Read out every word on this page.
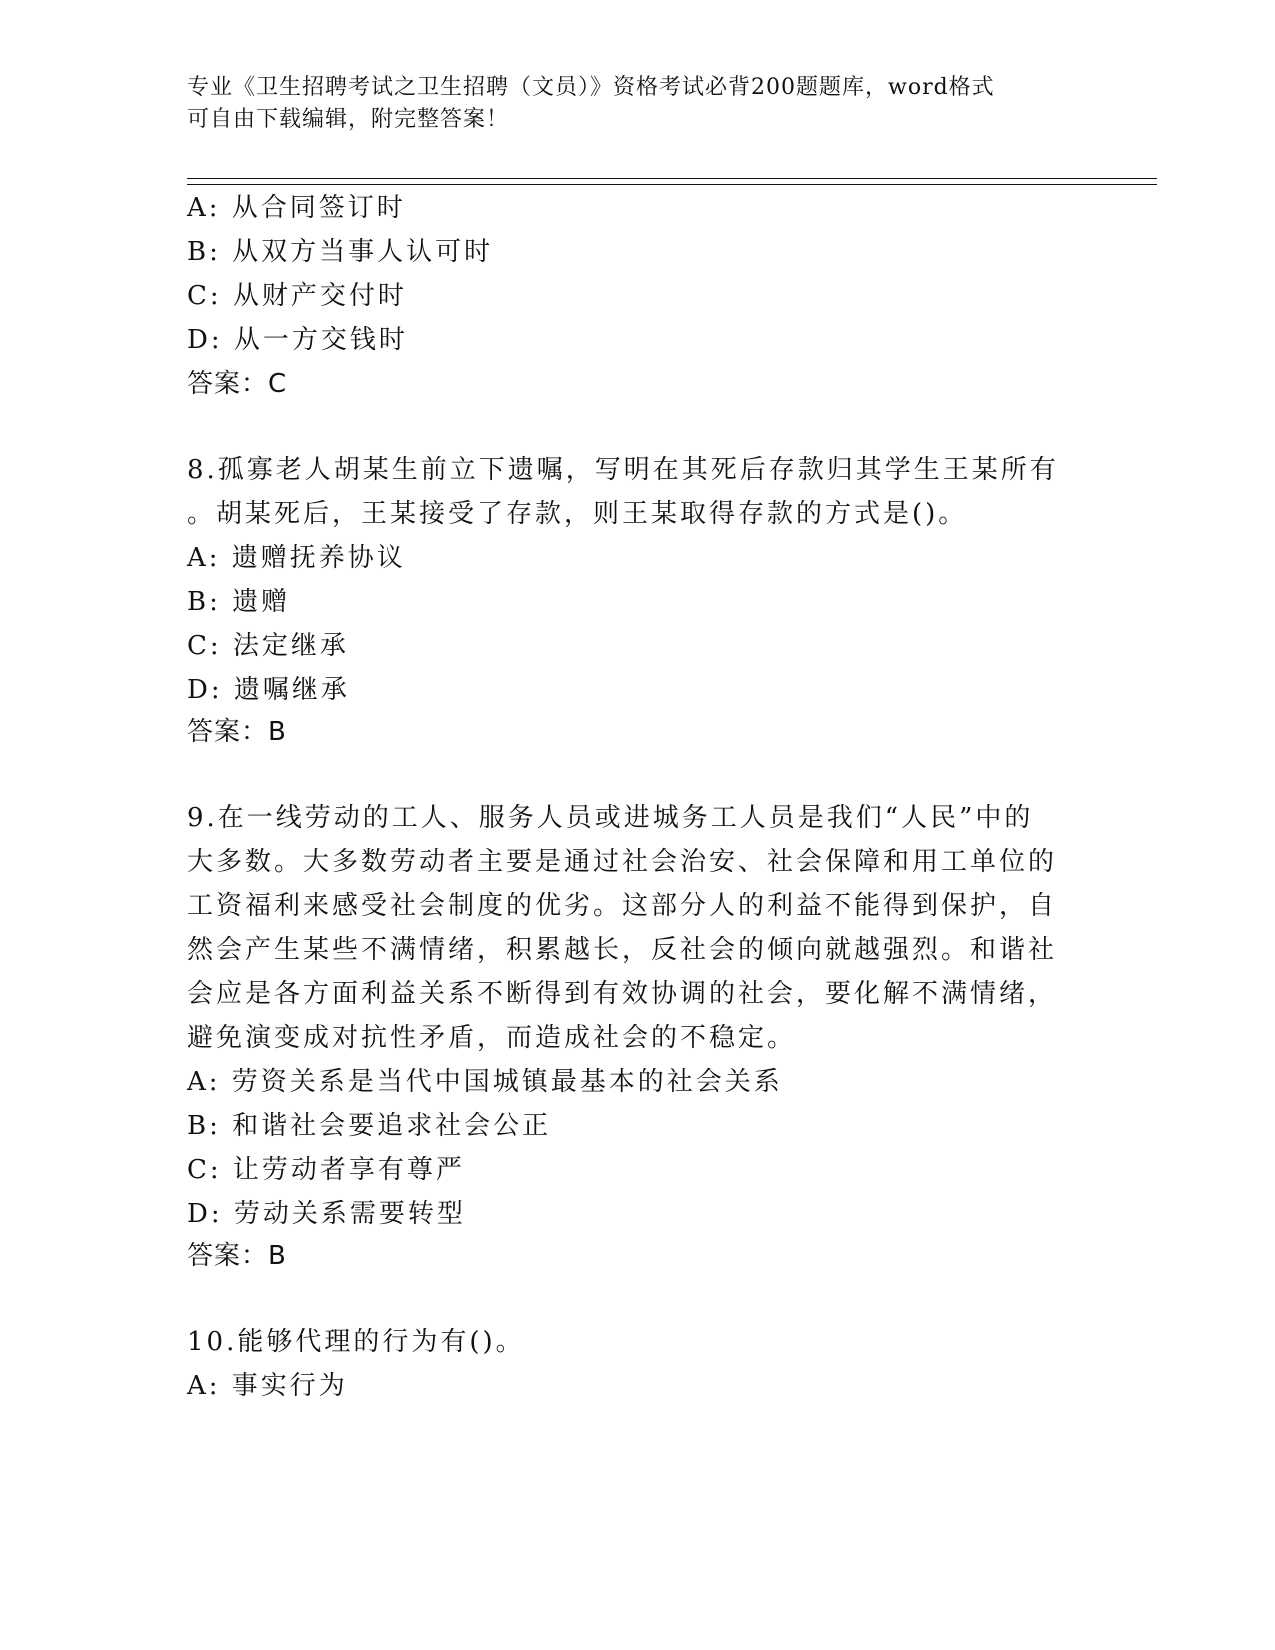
专业《卫生招聘考试之卫生招聘（文员）》资格考试必背200题题库，word格式
可自由下载编辑，附完整答案！
A: 从合同签订时
B: 从双方当事人认可时
C: 从财产交付时
D: 从一方交钱时
答案：C
8.孤寡老人胡某生前立下遗嘱，写明在其死后存款归其学生王某所有
。胡某死后，王某接受了存款，则王某取得存款的方式是()。
A: 遗赠抚养协议
B: 遗赠
C: 法定继承
D: 遗嘱继承
答案：B
9.在一线劳动的工人、服务人员或进城务工人员是我们“人民”中的
大多数。大多数劳动者主要是通过社会治安、社会保障和用工单位的
工资福利来感受社会制度的优劣。这部分人的利益不能得到保护，自
然会产生某些不满情绪，积累越长，反社会的倾向就越强烈。和谐社
会应是各方面利益关系不断得到有效协调的社会，要化解不满情绪，
避免演变成对抗性矛盾，而造成社会的不稳定。
A: 劳资关系是当代中国城镇最基本的社会关系
B: 和谐社会要追求社会公正
C: 让劳动者享有尊严
D: 劳动关系需要转型
答案：B
10.能够代理的行为有()。
A: 事实行为
